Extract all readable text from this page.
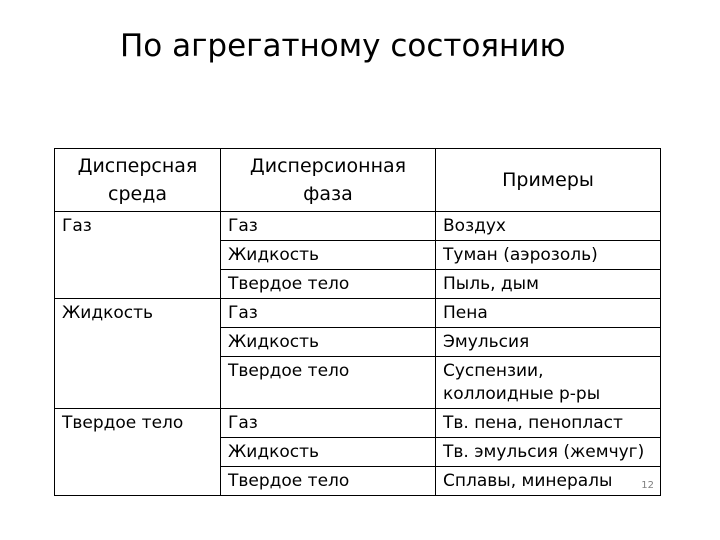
По агрегатному состоянию
Дисперсная среда	Дисперсионная фаза	Примеры
Газ	Газ	Воздух
	Жидкость	Туман (аэрозоль)
	Твердое тело	Пыль, дым
Жидкость	Газ	Пена
	Жидкость	Эмульсия
	Твердое тело	Суспензии, коллоидные р-ры
Твердое тело	Газ	Тв. пена, пенопласт
	Жидкость	Тв. эмульсия (жемчуг)
	Твердое тело	Сплавы, минералы 12
